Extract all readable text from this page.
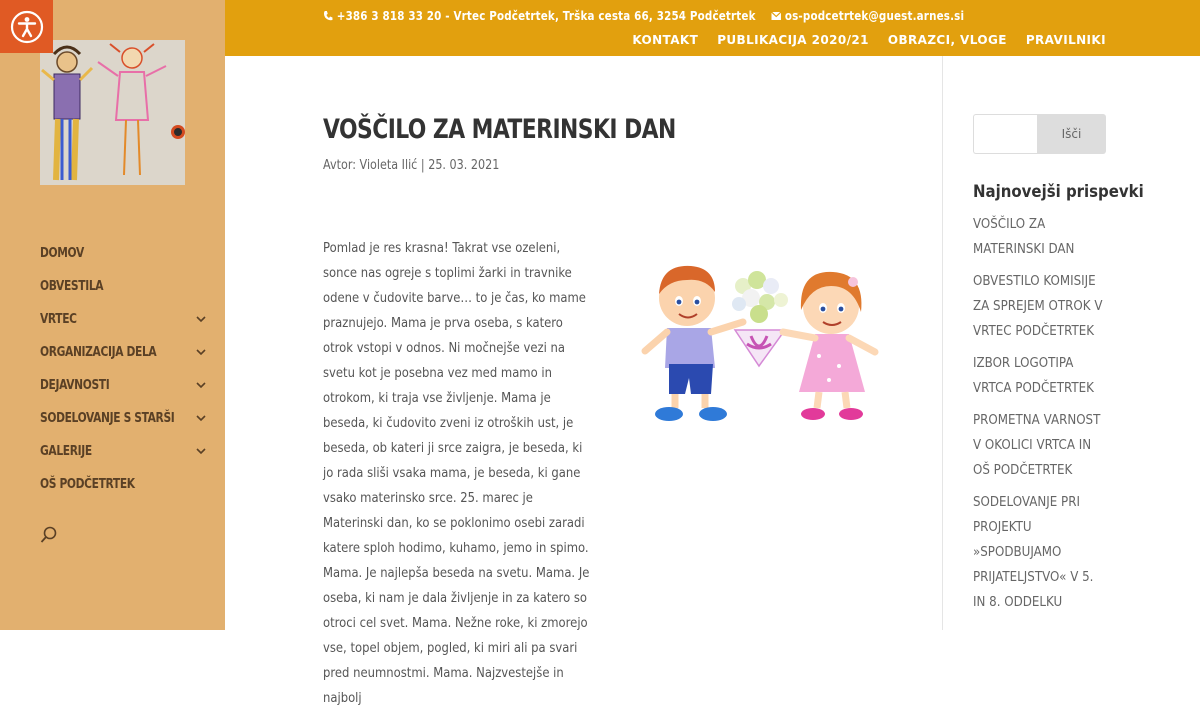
DOMOV
OBVESTILA
VRTEC
ORGANIZACIJA DELA
DEJAVNOSTI
SODELOVANJE S STARŠI
GALERIJE
OŠ PODČETRTEK
+386 3 818 33 20 - Vrtec Podčetrtek, Trška cesta 66, 3254 Podčetrtek os-podcetrtek@guest.arnes.si
KONTAKT PUBLIKACIJA 2020/21 OBRAZCI, VLOGE PRAVILNIKI
VOŠČILO ZA MATERINSKI DAN
Avtor: Violeta Ilić | 25. 03. 2021

Pomlad je res krasna! Takrat vse ozeleni, sonce nas ogreje s toplimi žarki in travnike odene v čudovite barve… to je čas, ko mame praznujejo. Mama je prva oseba, s katero otrok vstopi v odnos. Ni močnejše vezi na svetu kot je posebna vez med mamo in otrokom, ki traja vse življenje. Mama je beseda, ki čudovito zveni iz otroških ust, je beseda, ob kateri ji srce zaigra, je beseda, ki jo rada sliši vsaka mama, je beseda, ki gane vsako materinsko srce. 25. marec je Materinski dan, ko se poklonimo osebi zaradi katere sploh hodimo, kuhamo, jemo in spimo. Mama. Je najlepša beseda na svetu. Mama. Je oseba, ki nam je dala življenje in za katero so otroci cel svet. Mama. Nežne roke, ki zmorejo vse, topel objem, pogled, ki miri ali pa svari pred neumnostmi. Mama. Najzvestejše in najbolj

Išči
Najnovejši prispevki
VOŠČILO ZA MATERINSKI DAN
OBVESTILO KOMISIJE ZA SPREJEM OTROK V VRTEC PODČETRTEK
IZBOR LOGOTIPA VRTCA PODČETRTEK
PROMETNA VARNOST V OKOLICI VRTCA IN OŠ PODČETRTEK
SODELOVANJE PRI PROJEKTU »SPODBUJAMO PRIJATELJSTVO« V 5. IN 8. ODDELKU
